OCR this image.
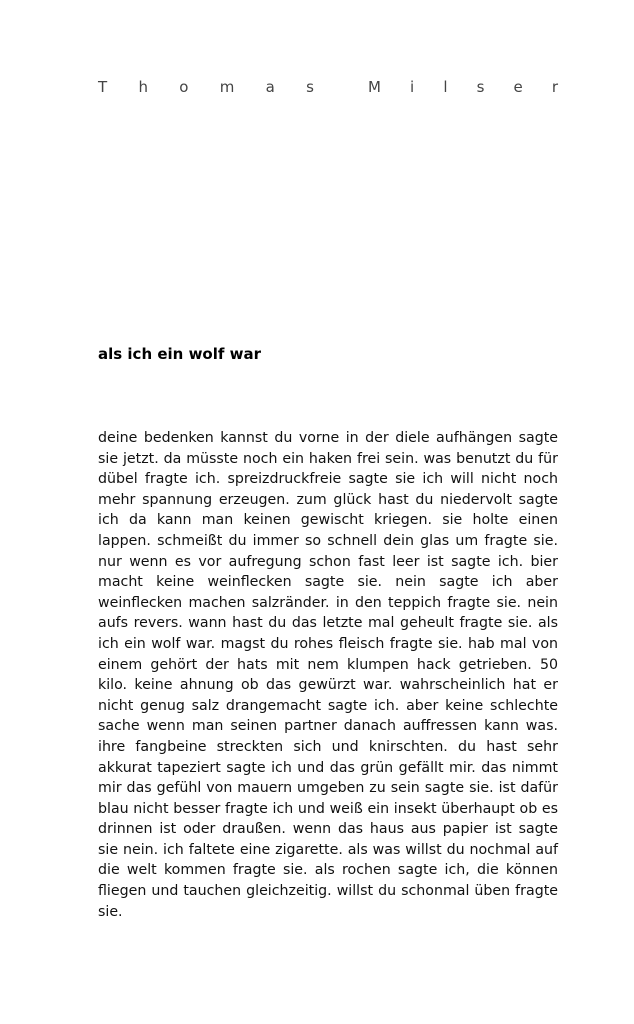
T h o m a s	M i l s e r
als ich ein wolf war

deine bedenken kannst du vorne in der diele aufhängen sagte sie jetzt. da müsste noch ein haken frei sein. was benutzt du für dübel fragte ich. spreizdruckfreie sagte sie ich will nicht noch mehr spannung erzeugen. zum glück hast du niedervolt sagte ich da kann man keinen gewischt kriegen. sie holte einen lappen. schmeißt du immer so schnell dein glas um fragte sie. nur wenn es vor aufregung schon fast leer ist sagte ich. bier macht keine weinflecken sagte sie. nein sagte ich aber weinflecken machen salzränder. in den teppich fragte sie. nein aufs revers. wann hast du das letzte mal geheult fragte sie. als ich ein wolf war. magst du rohes fleisch fragte sie. hab mal von einem gehört der hats mit nem klumpen hack getrieben. 50 kilo. keine ahnung ob das gewürzt war. wahrscheinlich hat er nicht genug salz drangemacht sagte ich. aber keine schlechte sache wenn man seinen partner danach auffressen kann was. ihre fangbeine streckten sich und knirschten. du hast sehr akkurat tapeziert sagte ich und das grün gefällt mir. das nimmt mir das gefühl von mauern umgeben zu sein sagte sie. ist dafür blau nicht besser fragte ich und weiß ein insekt überhaupt ob es drinnen ist oder draußen. wenn das haus aus papier ist sagte sie nein. ich faltete eine zigarette. als was willst du nochmal auf die welt kommen fragte sie. als rochen sagte ich, die können fliegen und tauchen gleichzeitig. willst du schonmal üben fragte sie.
